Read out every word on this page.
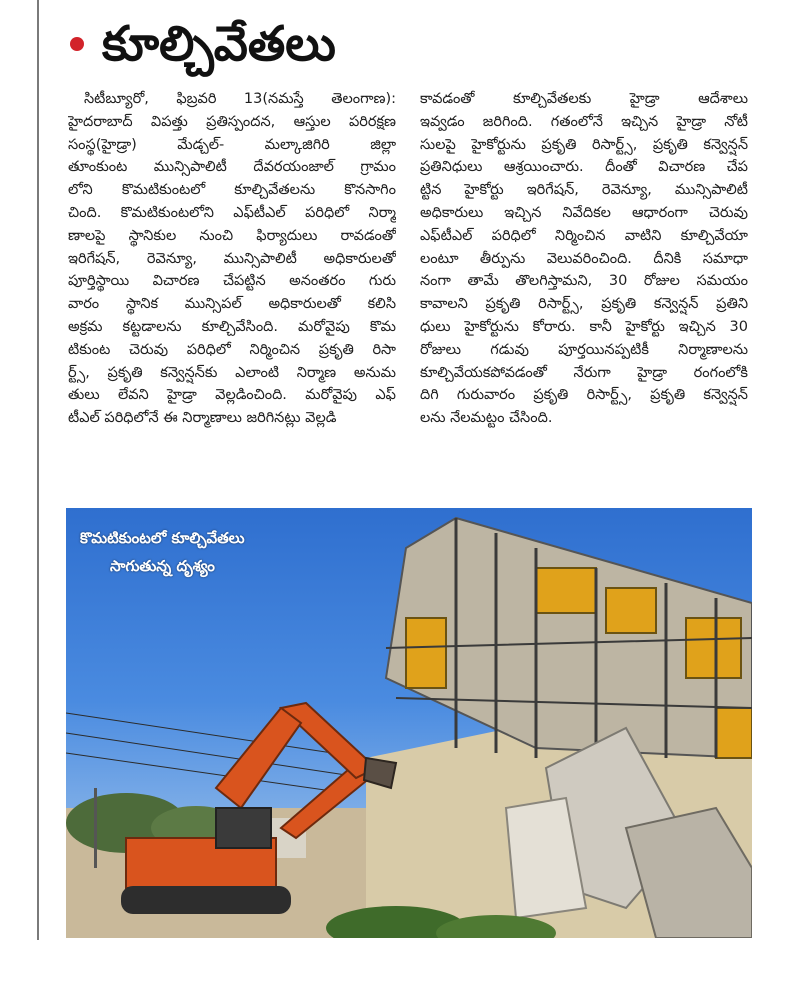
కూల్చివేతలు
సిటీబ్యూరో, ఫిబ్రవరి 13(నమస్తే తెలంగాణ):
హైదరాబాద్ విపత్తు ప్రతిస్పందన, ఆస్తుల పరిరక్షణ
సంస్థ(హైడ్రా) మేడ్చల్- మల్కాజిగిరి జిల్లా
తూంకుంట మున్సిపాలిటీ దేవరయంజాల్ గ్రామం
లోని కొమటికుంటలో కూల్చివేతలను కొనసాగిం
చింది. కొమటికుంటలోని ఎఫ్‌టీఎల్ పరిధిలో నిర్మా
ణాలపై స్థానికుల నుంచి ఫిర్యాదులు రావడంతో
ఇరిగేషన్, రెవెన్యూ, మున్సిపాలిటీ అధికారులతో
పూర్తిస్థాయి విచారణ చేపట్టిన అనంతరం గురు
వారం స్థానిక మున్సిపల్ అధికారులతో కలిసి
అక్రమ కట్టడాలను కూల్చివేసింది. మరోవైపు కొమ
టికుంట చెరువు పరిధిలో నిర్మించిన ప్రకృతి రిసా
ర్ట్స్, ప్రకృతి కన్వెన్షన్‌కు ఎలాంటి నిర్మాణ అనుమ
తులు లేవని హైడ్రా వెల్లడించింది. మరోవైపు ఎఫ్
టీఎల్ పరిధిలోనే ఈ నిర్మాణాలు జరిగినట్లు వెల్లడి
కావడంతో కూల్చివేతలకు హైడ్రా ఆదేశాలు
ఇవ్వడం జరిగింది. గతంలోనే ఇచ్చిన హైడ్రా నోటీ
సులపై హైకోర్టును ప్రకృతి రిసార్ట్స్, ప్రకృతి కన్వెన్షన్
ప్రతినిధులు ఆశ్రయించారు. దీంతో విచారణ చేప
ట్టిన హైకోర్టు ఇరిగేషన్, రెవెన్యూ, మున్సిపాలిటీ
అధికారులు ఇచ్చిన నివేదికల ఆధారంగా చెరువు
ఎఫ్‌టీఎల్ పరిధిలో నిర్మించిన వాటిని కూల్చివేయా
లంటూ తీర్పును వెలువరించింది. దీనికి సమాధా
నంగా తామే తొలగిస్తామని, 30 రోజుల సమయం
కావాలని ప్రకృతి రిసార్ట్స్, ప్రకృతి కన్వెన్షన్ ప్రతిని
ధులు హైకోర్టును కోరారు. కానీ హైకోర్టు ఇచ్చిన 30
రోజులు గడువు పూర్తయినప్పటికీ నిర్మాణాలను
కూల్చివేయకపోవడంతో నేరుగా హైడ్రా రంగంలోకి
దిగి గురువారం ప్రకృతి రిసార్ట్స్, ప్రకృతి కన్వెన్షన్
లను నేలమట్టం చేసింది.
కొమటికుంటలో కూల్చివేతలు
సాగుతున్న దృశ్యం
